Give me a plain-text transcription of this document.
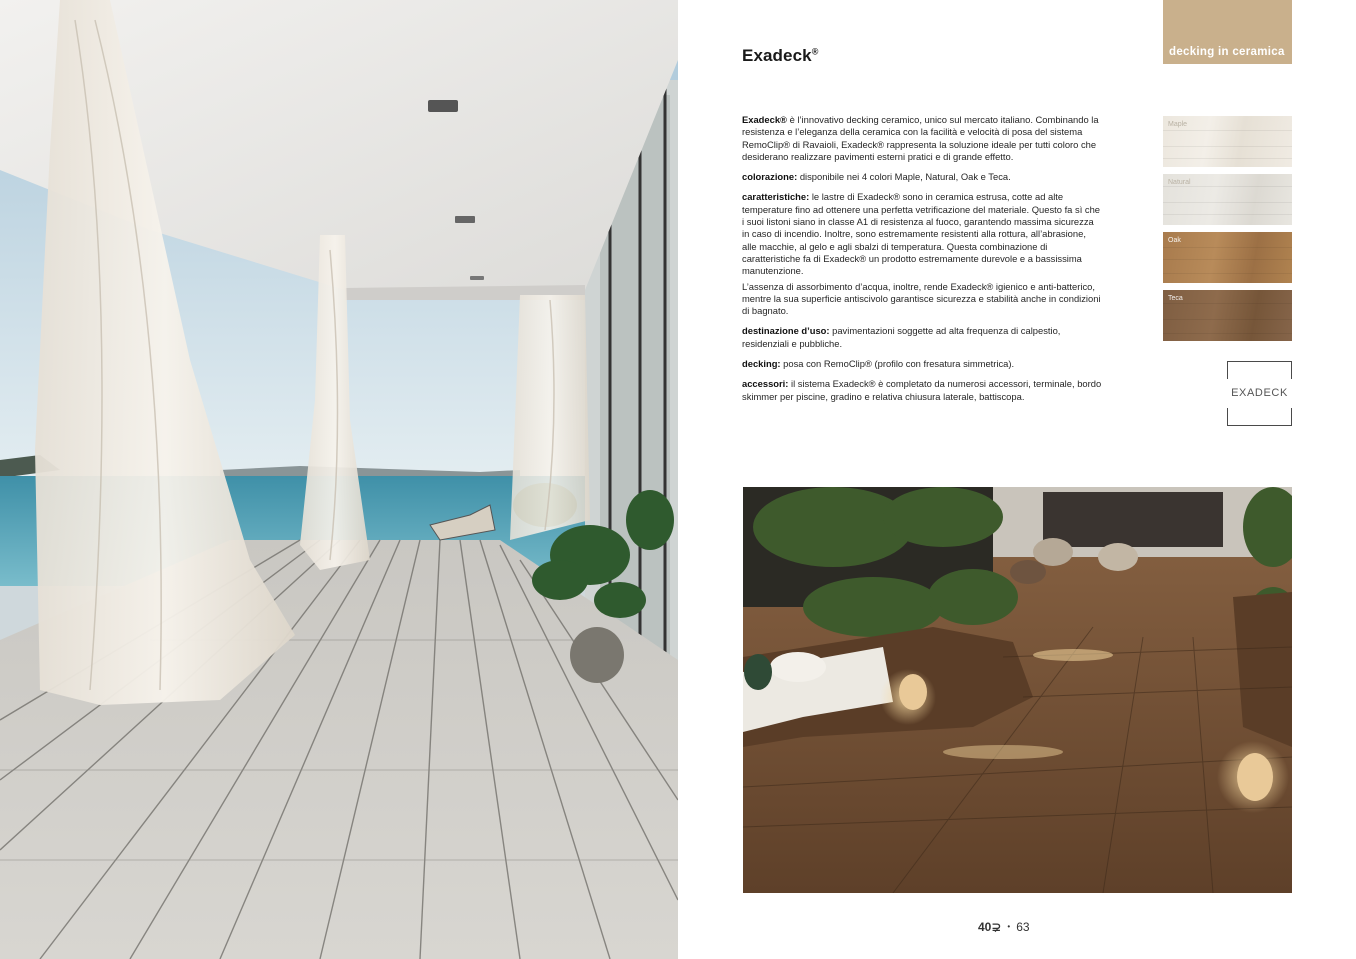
Exadeck®	decking in ceramica

Exadeck® è l’innovativo decking ceramico, unico sul mercato italiano. Combinando la resistenza e l’eleganza della ceramica con la facilità e velocità di posa del sistema RemoClip® di Ravaioli, Exadeck® rappresenta la soluzione ideale per tutti coloro che desiderano realizzare pavimenti esterni pratici e di grande effetto.

colorazione: disponibile nei 4 colori Maple, Natural, Oak e Teca.

caratteristiche: le lastre di Exadeck® sono in ceramica estrusa, cotte ad alte temperature fino ad ottenere una perfetta vetrificazione del materiale. Questo fa sì che i suoi listoni siano in classe A1 di resistenza al fuoco, garantendo massima sicurezza in caso di incendio. Inoltre, sono estremamente resistenti alla rottura, all’abrasione, alle macchie, al gelo e agli sbalzi di temperatura. Questa combinazione di caratteristiche fa di Exadeck® un prodotto estremamente durevole e a bassissima manutenzione.

L’assenza di assorbimento d’acqua, inoltre, rende Exadeck® igienico e anti-batterico, mentre la sua superficie antiscivolo garantisce sicurezza e stabilità anche in condizioni di bagnato.

destinazione d’uso: pavimentazioni soggette ad alta frequenza di calpestio, residenziali e pubbliche.

decking: posa con RemoClip® (profilo con fresatura simmetrica).

accessori: il sistema Exadeck® è completato da numerosi accessori, terminale, bordo skimmer per piscine, gradino e relativa chiusura laterale, battiscopa.

Maple
Natural
Oak
Teca
EXADECK
40⊋ • 63
